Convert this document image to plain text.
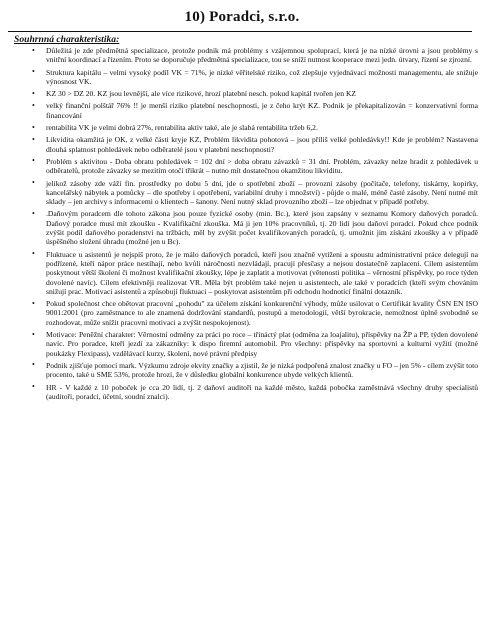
10) Poradci, s.r.o.
Souhrnná charakteristika:
• Důležitá je zde předmětná specializace, protože podnik má problémy s vzájemnou spoluprací, která je na nízké úrovni a jsou problémy s vnitřní koordinací a řízením. Proto se doporučuje předmětná specializace, tou se sníží nutnost kooperace mezi jedn. útvary, řízení se zjrozní.
• Struktura kapitálu – velmi vysoký podíl VK = 71%, je nízké věřitelské riziko, což zlepšuje vyjednávací možnosti managementu, ale snižuje výnosnost VK.
• KZ 30 > DZ 20. KZ jsou levnější, ale více rizikové, hrozí platební nesch. pokud kapitál tvořen jen KZ
• velký finanční polštář 76% !! je menší riziko platební neschopnosti, je z čeho krýt KZ. Podnik je překapitalizován = konzervativní forma financování
• rentabilita VK je velmi dobrá 27%, rentabilita aktiv také, ale je slabá rentabilita tržeb 6,2.
• Likvidita okamžitá je OK, z velké části kryje KZ, Problém likvidita pohotová – jsou příliš velké pohledávky!! Kde je problém? Nastavena dlouhá splatnost pohledávek nebo odběratelé jsou v platební neschopnosti?
• Problém s aktivitou - Doba obratu pohledávek = 102 dní > doba obratu závazků = 31 dní. Problém, závazky nelze hradit z pohledávek u odběratelů, protože závazky se mezitím otočí třikrát – nutno mít dostatečnou okamžitou likviditu.
• jelikož zásoby zde váží fin. prostředky po dobu 5 dní, jde o spotřební zboží – provozní zásoby (počítače, telefony, tiskárny, kopírky, kancelářský nábytek a pomůcky – dle spotřeby i opotřebení, variabilní druhy i množství) - půjde o malé, méně časté zásoby. Není nutné mít sklady – jen archivy s informacemi o klientech – šanony. Není nutný sklad provozního zboží – lze objednat v případě potřeby.
• .Daňovým poradcem dle tohoto zákona jsou pouze fyzické osoby (min. Bc.), které jsou zapsány v seznamu Komory daňových poradců. Daňový poradce musí mít zkoušku - Kvalifikační zkouška. Má ji jen 10% pracovníků, tj. 20 lidí jsou daňoví poradci. Pokud chce podnik zvýšit podíl daňového poradenství na tržbách, měl by zvýšit počet kvalifikovaných poradců, tj. umožnit jim získání zkoušky a v případě úspěšného složení úhradu (možné jen u Bc).
• Fluktuace u asistentů je nejspíš proto, že je málo daňových poradců, kteří jsou značně vytíženi a spoustu administrativní práce delegují na podřízené, kteří nápor práce nestíhají, nebo kvůli náročnosti nezvládají, pracují přesčasy a nejsou dostatečně zaplacení. Cílem asistentům poskytnout větší školení či možnost kvalifikační zkoušky, lépe je zaplatit a motivovat (větenosti politika – věrnostní příspěvky, po roce týden dovolené navíc). Cílem efektivněji realizovat VR. Měla být problém také nejen u asistentech, ale také v poradcích (kteří svým chováním snižují prac. Motivaci asistentů a způsobují fluktuaci – poskytovat asistentům při odchodu hodnotící finální dotazník.
• Pokud společnost chce obětovat pracovní „pohodu" za účelem získání konkurenční výhody, může usilovat o Certifikát kvality ČSN EN ISO 9001:2001 (pro zaměstnance to ale znamená dodržování standardů, postupů a metodologií, větší byrokracie, nemožnost úplně svobodně se rozhodovat, může snížit pracovní motivaci a zvýšit nespokojenost).
• Motivace: Peněžní charakter: Věrnostní odměny za práci po roce – třináctý plat (odměna za loajalitu), příspěvky na ŽP a PP, týden dovolené navíc. Pro poradce, kteří jezdí za zákazníky: k dispo firemní automobil. Pro všechny: příspěvky na sportovní a kulturní vyžití (možné poukázky Flexipass), vzdělávací kurzy, školení, nové právní předpisy
• Podnik zjišťuje pomocí mark. Výzkumu zdroje ekvity značky a zjistil, že je nízká podpořená znalost značky u FO – jen 5% - cílem zvýšit toto procento, také u SME 53%, protože hrozí, že v důsledku globální konkurence ubyde velkých klientů.
• HR - V každé z 10 poboček je cca 20 lidí, tj. 2 daňoví auditoři na každé město, každá pobočka zaměstnává všechny druhy specialistů (auditoři, poradci, účetní, soudní znalci).
